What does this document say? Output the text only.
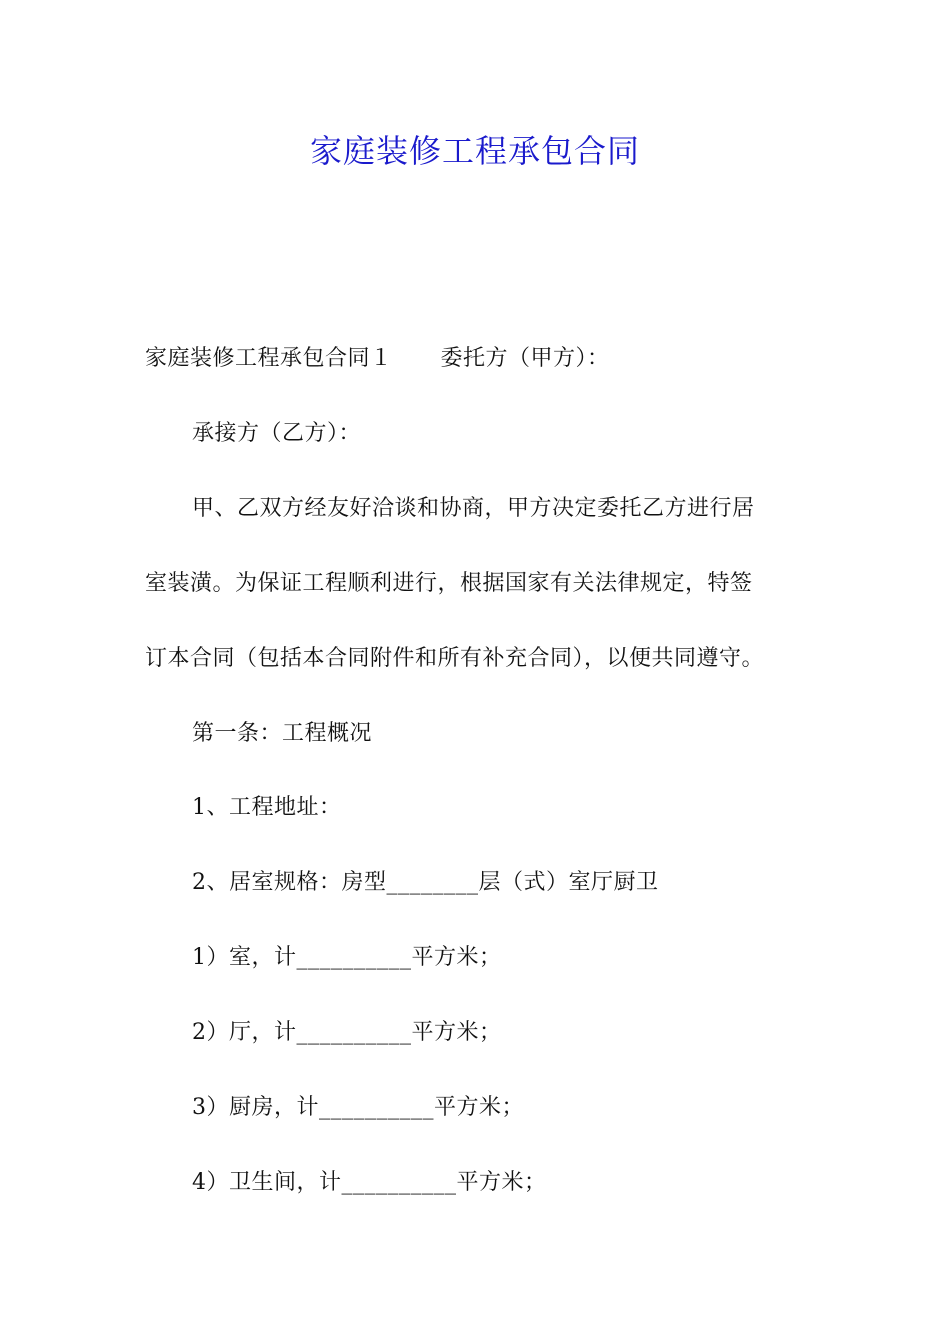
家庭装修工程承包合同
家庭装修工程承包合同１ 委托方（甲方）：
承接方（乙方）：
甲、乙双方经友好洽谈和协商，甲方决定委托乙方进行居
室装潢。为保证工程顺利进行，根据国家有关法律规定，特签
订本合同（包括本合同附件和所有补充合同），以便共同遵守。
第一条：工程概况
1、工程地址：
2、居室规格：房型________层（式）室厅厨卫
1）室，计__________平方米；
2）厅，计__________平方米；
3）厨房，计__________平方米；
4）卫生间，计__________平方米；
